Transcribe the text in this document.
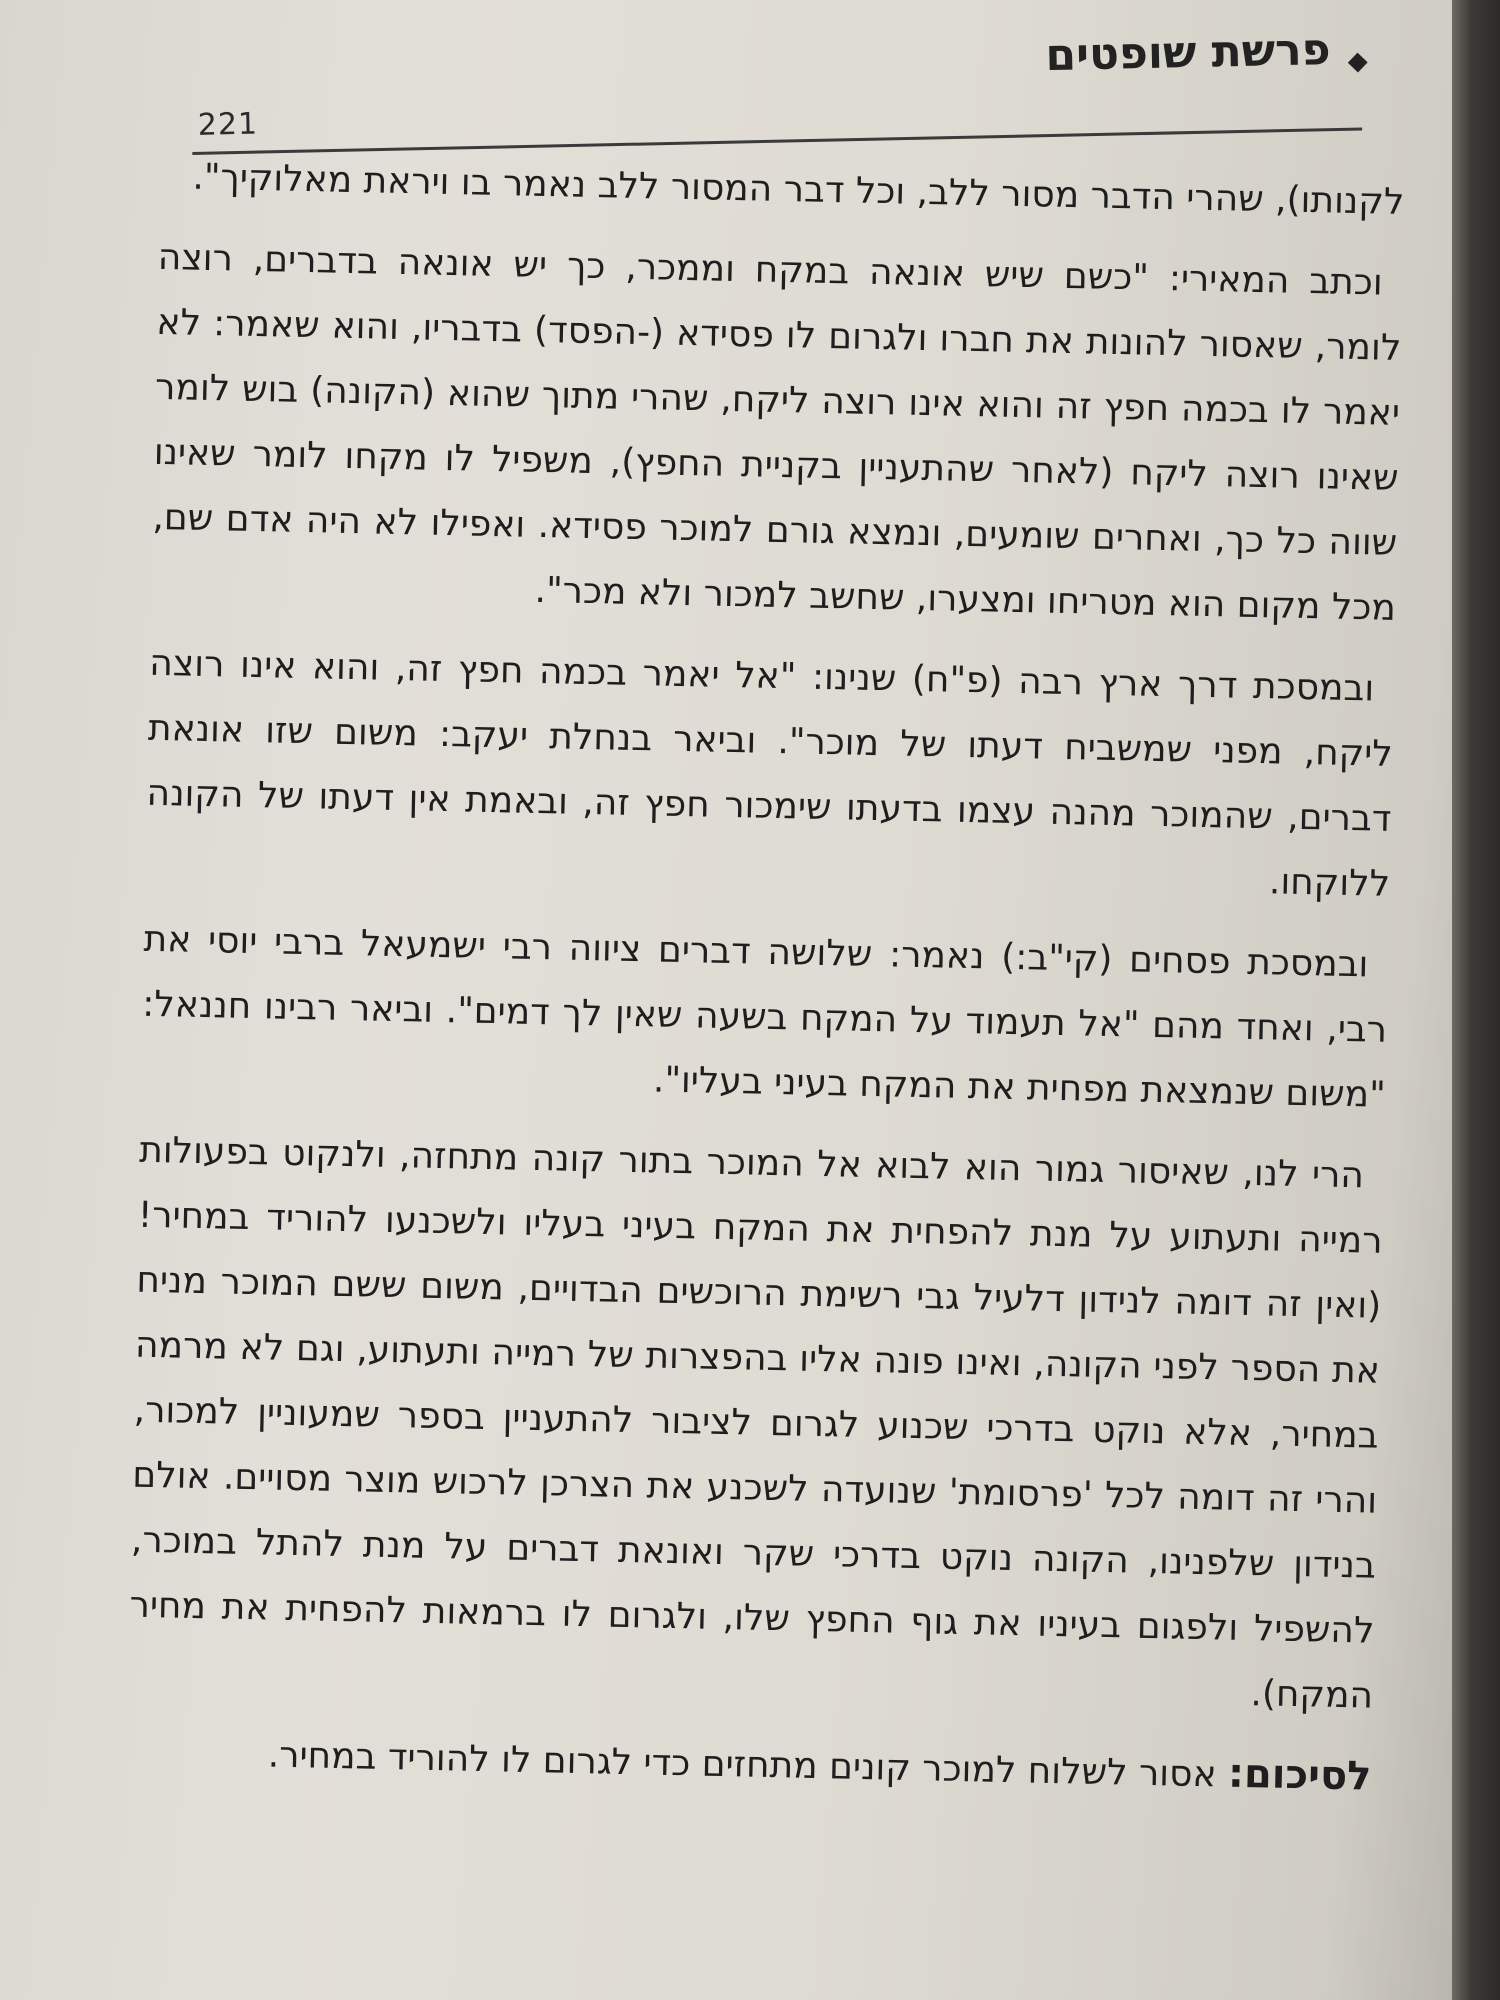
221
פרשת שופטים

לקנותו), שהרי הדבר מסור ללב, וכל דבר המסור ללב נאמר בו ויראת מאלוקיך".

וכתב המאירי: "כשם שיש אונאה במקח וממכר, כך יש אונאה בדברים, רוצה לומר, שאסור להונות את חברו ולגרום לו פסידא (-הפסד) בדבריו, והוא שאמר: לא יאמר לו בכמה חפץ זה והוא אינו רוצה ליקח, שהרי מתוך שהוא (הקונה) בוש לומר שאינו רוצה ליקח (לאחר שהתעניין בקניית החפץ), משפיל לו מקחו לומר שאינו שווה כל כך, ואחרים שומעים, ונמצא גורם למוכר פסידא. ואפילו לא היה אדם שם, מכל מקום הוא מטריחו ומצערו, שחשב למכור ולא מכר".

ובמסכת דרך ארץ רבה (פ"ח) שנינו: "אל יאמר בכמה חפץ זה, והוא אינו רוצה ליקח, מפני שמשביח דעתו של מוכר". וביאר בנחלת יעקב: משום שזו אונאת דברים, שהמוכר מהנה עצמו בדעתו שימכור חפץ זה, ובאמת אין דעתו של הקונה ללוקחו.

ובמסכת פסחים (קי"ב:) נאמר: שלושה דברים ציווה רבי ישמעאל ברבי יוסי את רבי, ואחד מהם "אל תעמוד על המקח בשעה שאין לך דמים". וביאר רבינו חננאל: "משום שנמצאת מפחית את המקח בעיני בעליו".

הרי לנו, שאיסור גמור הוא לבוא אל המוכר בתור קונה מתחזה, ולנקוט בפעולות רמייה ותעתוע על מנת להפחית את המקח בעיני בעליו ולשכנעו להוריד במחיר! (ואין זה דומה לנידון דלעיל גבי רשימת הרוכשים הבדויים, משום ששם המוכר מניח את הספר לפני הקונה, ואינו פונה אליו בהפצרות של רמייה ותעתוע, וגם לא מרמה במחיר, אלא נוקט בדרכי שכנוע לגרום לציבור להתעניין בספר שמעוניין למכור, והרי זה דומה לכל 'פרסומת' שנועדה לשכנע את הצרכן לרכוש מוצר מסויים. אולם בנידון שלפנינו, הקונה נוקט בדרכי שקר ואונאת דברים על מנת להתל במוכר, להשפיל ולפגום בעיניו את גוף החפץ שלו, ולגרום לו ברמאות להפחית את מחיר המקח).

לסיכום: אסור לשלוח למוכר קונים מתחזים כדי לגרום לו להוריד במחיר.
